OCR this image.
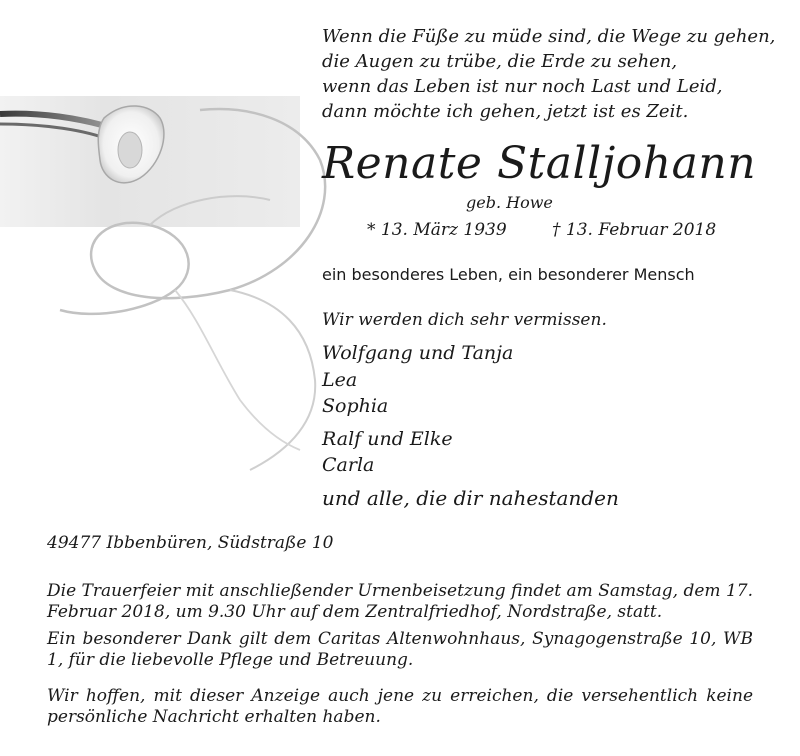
Wenn die Füße zu müde sind, die Wege zu gehen,
die Augen zu trübe, die Erde zu sehen,
wenn das Leben ist nur noch Last und Leid,
dann möchte ich gehen, jetzt ist es Zeit.
Renate Stalljohann
geb. Howe
* 13. März 1939	† 13. Februar 2018
ein besonderes Leben, ein besonderer Mensch
Wir werden dich sehr vermissen.
Wolfgang und Tanja
Lea
Sophia
Ralf und Elke
Carla
und alle, die dir nahestanden
49477 Ibbenbüren, Südstraße 10
Die Trauerfeier mit anschließender Urnenbeisetzung findet am Samstag, dem 17. Februar 2018, um 9.30 Uhr auf dem Zentralfriedhof, Nordstraße, statt.
Ein besonderer Dank gilt dem Caritas Altenwohnhaus, Synagogenstraße 10, WB 1, für die liebevolle Pflege und Betreuung.
Wir hoffen, mit dieser Anzeige auch jene zu erreichen, die versehentlich keine persönliche Nachricht erhalten haben.
